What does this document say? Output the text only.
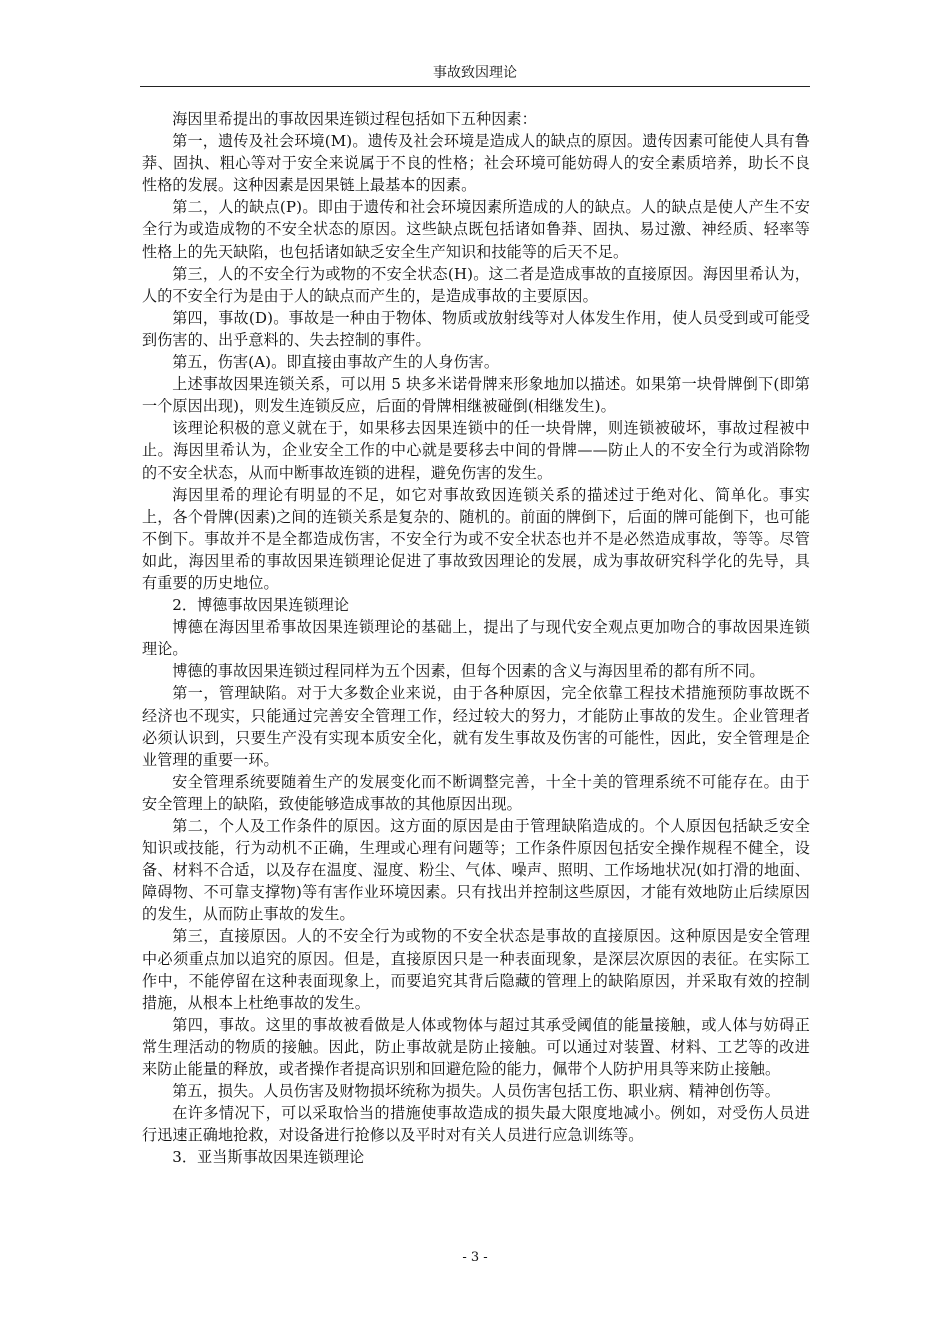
事故致因理论

海因里希提出的事故因果连锁过程包括如下五种因素：

第一，遗传及社会环境(M)。遗传及社会环境是造成人的缺点的原因。遗传因素可能使人具有鲁莽、固执、粗心等对于安全来说属于不良的性格；社会环境可能妨碍人的安全素质培养，助长不良性格的发展。这种因素是因果链上最基本的因素。

第二，人的缺点(P)。即由于遗传和社会环境因素所造成的人的缺点。人的缺点是使人产生不安全行为或造成物的不安全状态的原因。这些缺点既包括诸如鲁莽、固执、易过激、神经质、轻率等性格上的先天缺陷，也包括诸如缺乏安全生产知识和技能等的后天不足。

第三，人的不安全行为或物的不安全状态(H)。这二者是造成事故的直接原因。海因里希认为，人的不安全行为是由于人的缺点而产生的，是造成事故的主要原因。

第四，事故(D)。事故是一种由于物体、物质或放射线等对人体发生作用，使人员受到或可能受到伤害的、出乎意料的、失去控制的事件。

第五，伤害(A)。即直接由事故产生的人身伤害。

上述事故因果连锁关系，可以用 5 块多米诺骨牌来形象地加以描述。如果第一块骨牌倒下(即第一个原因出现)，则发生连锁反应，后面的骨牌相继被碰倒(相继发生)。

该理论积极的意义就在于，如果移去因果连锁中的任一块骨牌，则连锁被破坏，事故过程被中止。海因里希认为，企业安全工作的中心就是要移去中间的骨牌——防止人的不安全行为或消除物的不安全状态，从而中断事故连锁的进程，避免伤害的发生。

海因里希的理论有明显的不足，如它对事故致因连锁关系的描述过于绝对化、简单化。事实上，各个骨牌(因素)之间的连锁关系是复杂的、随机的。前面的牌倒下，后面的牌可能倒下，也可能不倒下。事故并不是全都造成伤害，不安全行为或不安全状态也并不是必然造成事故，等等。尽管如此，海因里希的事故因果连锁理论促进了事故致因理论的发展，成为事故研究科学化的先导，具有重要的历史地位。

2．博德事故因果连锁理论

博德在海因里希事故因果连锁理论的基础上，提出了与现代安全观点更加吻合的事故因果连锁理论。

博德的事故因果连锁过程同样为五个因素，但每个因素的含义与海因里希的都有所不同。

第一，管理缺陷。对于大多数企业来说，由于各种原因，完全依靠工程技术措施预防事故既不经济也不现实，只能通过完善安全管理工作，经过较大的努力，才能防止事故的发生。企业管理者必须认识到，只要生产没有实现本质安全化，就有发生事故及伤害的可能性，因此，安全管理是企业管理的重要一环。

安全管理系统要随着生产的发展变化而不断调整完善，十全十美的管理系统不可能存在。由于安全管理上的缺陷，致使能够造成事故的其他原因出现。

第二，个人及工作条件的原因。这方面的原因是由于管理缺陷造成的。个人原因包括缺乏安全知识或技能，行为动机不正确，生理或心理有问题等；工作条件原因包括安全操作规程不健全，设备、材料不合适，以及存在温度、湿度、粉尘、气体、噪声、照明、工作场地状况(如打滑的地面、障碍物、不可靠支撑物)等有害作业环境因素。只有找出并控制这些原因，才能有效地防止后续原因的发生，从而防止事故的发生。

第三，直接原因。人的不安全行为或物的不安全状态是事故的直接原因。这种原因是安全管理中必须重点加以追究的原因。但是，直接原因只是一种表面现象，是深层次原因的表征。在实际工作中，不能停留在这种表面现象上，而要追究其背后隐藏的管理上的缺陷原因，并采取有效的控制措施，从根本上杜绝事故的发生。

第四，事故。这里的事故被看做是人体或物体与超过其承受阈值的能量接触，或人体与妨碍正常生理活动的物质的接触。因此，防止事故就是防止接触。可以通过对装置、材料、工艺等的改进来防止能量的释放，或者操作者提高识别和回避危险的能力，佩带个人防护用具等来防止接触。

第五，损失。人员伤害及财物损坏统称为损失。人员伤害包括工伤、职业病、精神创伤等。

在许多情况下，可以采取恰当的措施使事故造成的损失最大限度地减小。例如，对受伤人员进行迅速正确地抢救，对设备进行抢修以及平时对有关人员进行应急训练等。

3．亚当斯事故因果连锁理论

- 3 -
